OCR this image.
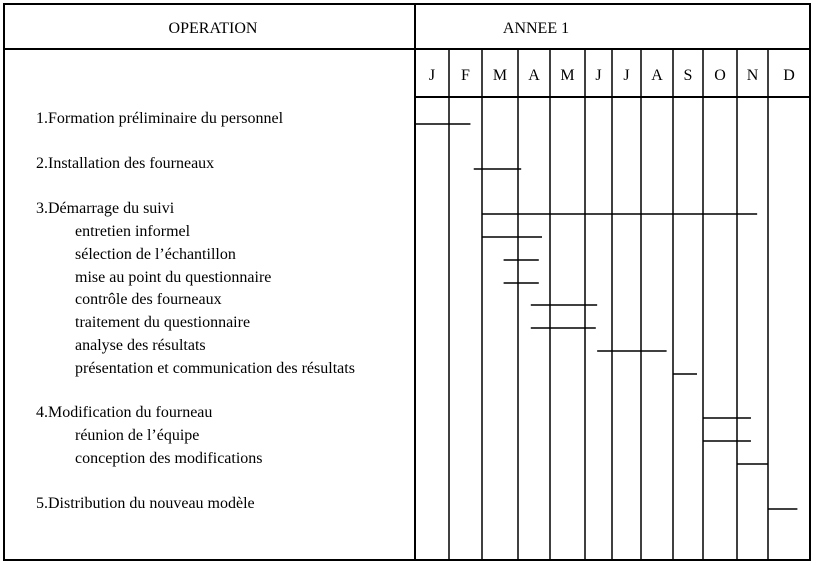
OPERATION	ANNEE 1
J F M A M J J A S O N D
1.Formation préliminaire du personnel
2.Installation des fourneaux
3.Démarrage du suivi
entretien informel
sélection de l’échantillon
mise au point du questionnaire
contrôle des fourneaux
traitement du questionnaire
analyse des résultats
présentation et communication des résultats
4.Modification du fourneau
réunion de l’équipe
conception des modifications
5.Distribution du nouveau modèle
